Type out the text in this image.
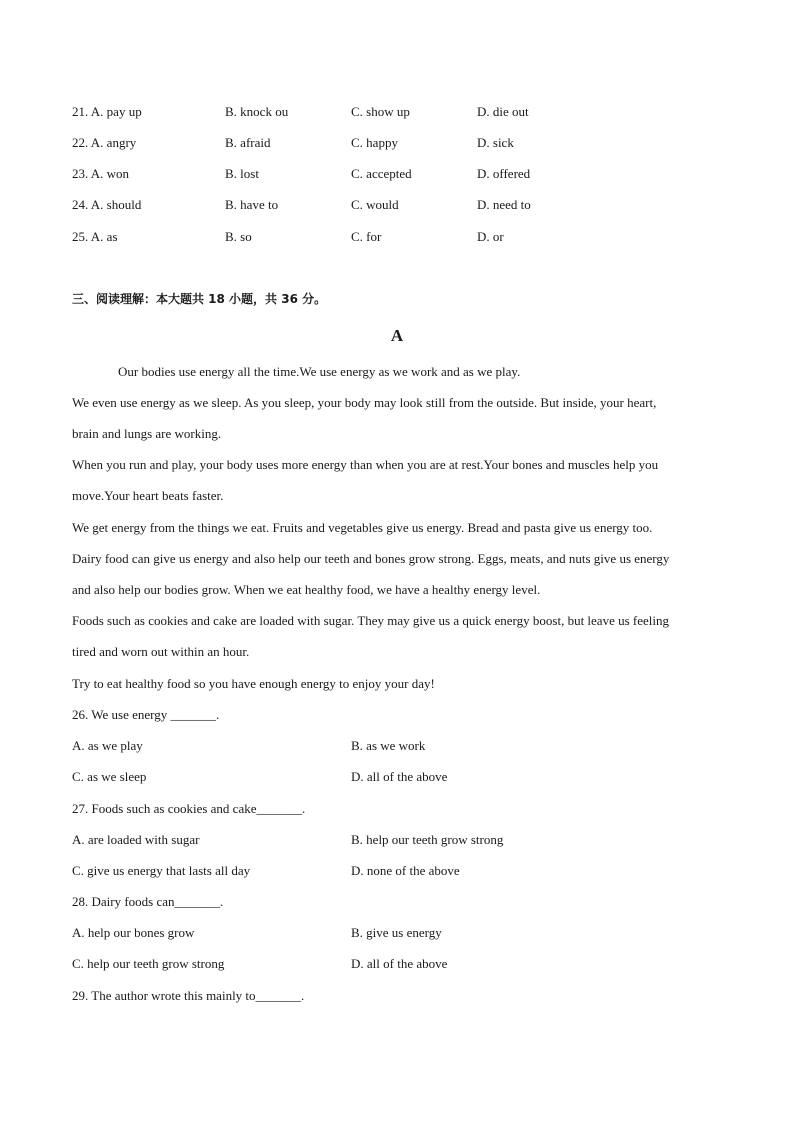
21. A. pay up	B. knock ou	C. show up	D. die out
22. A. angry	B. afraid	C. happy	D. sick
23. A. won	B. lost	C. accepted	D. offered
24. A. should	B. have to	C. would	D. need to
25. A. as	B. so	C. for	D. or
三、阅读理解：本大题共 18 小题，共 36 分。
A
Our bodies use energy all the time.We use energy as we work and as we play.
We even use energy as we sleep. As you sleep, your body may look still from the outside. But inside, your heart,
brain and lungs are working.
When you run and play, your body uses more energy than when you are at rest.Your bones and muscles help you
move.Your heart beats faster.
We get energy from the things we eat. Fruits and vegetables give us energy. Bread and pasta give us energy too.
Dairy food can give us energy and also help our teeth and bones grow strong. Eggs, meats, and nuts give us energy
and also help our bodies grow. When we eat healthy food, we have a healthy energy level.
Foods such as cookies and cake are loaded with sugar. They may give us a quick energy boost, but leave us feeling
tired and worn out within an hour.
Try to eat healthy food so you have enough energy to enjoy your day!
26. We use energy _______.
A. as we play	B. as we work
C. as we sleep	D. all of the above
27. Foods such as cookies and cake_______.
A. are loaded with sugar	B. help our teeth grow strong
C. give us energy that lasts all day	D. none of the above
28. Dairy foods can_______.
A. help our bones grow	B. give us energy
C. help our teeth grow strong	D. all of the above
29. The author wrote this mainly to_______.
